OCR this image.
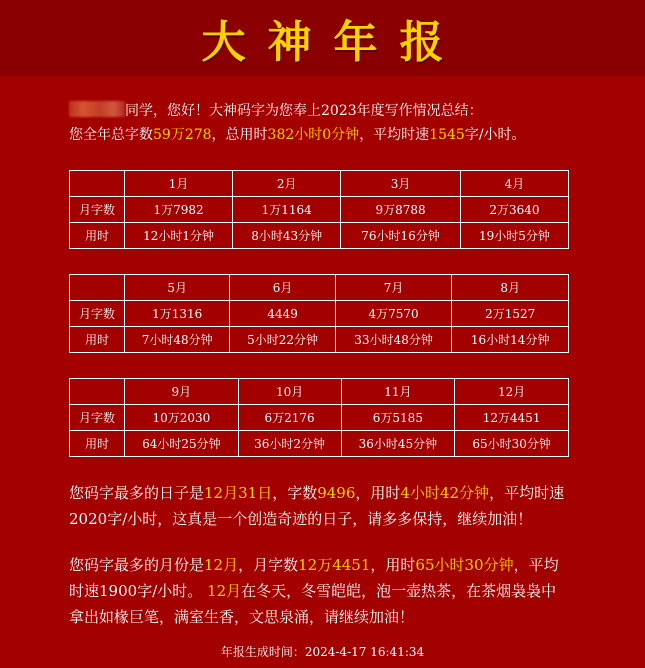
大神年报
同学，您好！大神码字为您奉上2023年度写作情况总结：
您全年总字数59万278，总用时382小时0分钟，平均时速1545字/小时。
	1月	2月	3月	4月
月字数	1万7982	1万1164	9万8788	2万3640
用时	12小时1分钟	8小时43分钟	76小时16分钟	19小时5分钟
	5月	6月	7月	8月
月字数	1万1316	4449	4万7570	2万1527
用时	7小时48分钟	5小时22分钟	33小时48分钟	16小时14分钟
	9月	10月	11月	12月
月字数	10万2030	6万2176	6万5185	12万4451
用时	64小时25分钟	36小时2分钟	36小时45分钟	65小时30分钟
您码字最多的日子是12月31日，字数9496，用时4小时42分钟，平均时速2020字/小时，这真是一个创造奇迹的日子，请多多保持，继续加油！
您码字最多的月份是12月，月字数12万4451，用时65小时30分钟，平均时速1900字/小时。 12月在冬天，冬雪皑皑，泡一壶热茶，在茶烟袅袅中拿出如椽巨笔，满室生香，文思泉涌，请继续加油！
年报生成时间：2024-4-17 16:41:34
